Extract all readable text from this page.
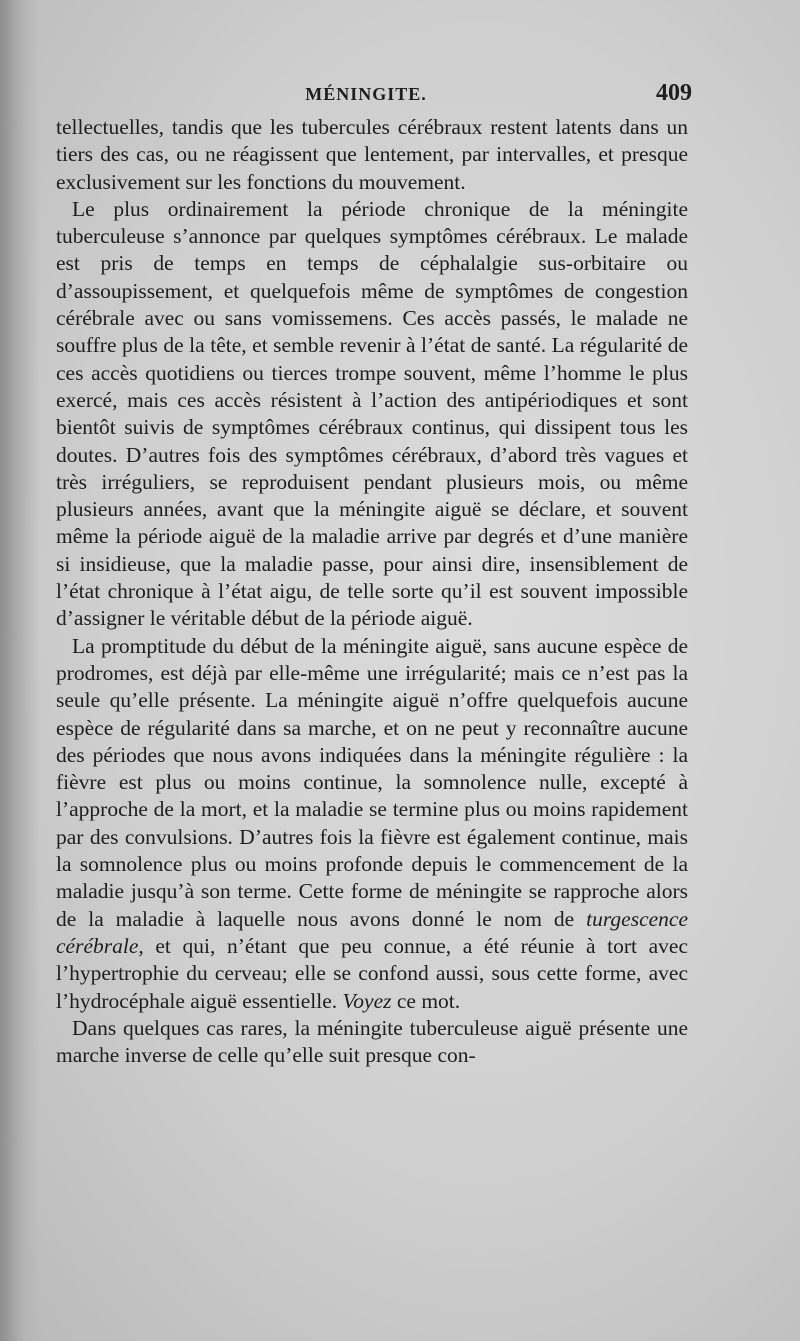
MÉNINGITE.	409

tellectuelles, tandis que les tubercules cérébraux restent latents dans un tiers des cas, ou ne réagissent que lentement, par intervalles, et presque exclusivement sur les fonctions du mouvement.

Le plus ordinairement la période chronique de la méningite tuberculeuse s’annonce par quelques symptômes cérébraux. Le malade est pris de temps en temps de céphalalgie sus-orbitaire ou d’assoupissement, et quelquefois même de symptômes de congestion cérébrale avec ou sans vomissemens. Ces accès passés, le malade ne souffre plus de la tête, et semble revenir à l’état de santé. La régularité de ces accès quotidiens ou tierces trompe souvent, même l’homme le plus exercé, mais ces accès résistent à l’action des antipériodiques et sont bientôt suivis de symptômes cérébraux continus, qui dissipent tous les doutes. D’autres fois des symptômes cérébraux, d’abord très vagues et très irréguliers, se reproduisent pendant plusieurs mois, ou même plusieurs années, avant que la méningite aiguë se déclare, et souvent même la période aiguë de la maladie arrive par degrés et d’une manière si insidieuse, que la maladie passe, pour ainsi dire, insensiblement de l’état chronique à l’état aigu, de telle sorte qu’il est souvent impossible d’assigner le véritable début de la période aiguë.

La promptitude du début de la méningite aiguë, sans aucune espèce de prodromes, est déjà par elle-même une irrégularité; mais ce n’est pas la seule qu’elle présente. La méningite aiguë n’offre quelquefois aucune espèce de régularité dans sa marche, et on ne peut y reconnaître aucune des périodes que nous avons indiquées dans la méningite régulière : la fièvre est plus ou moins continue, la somnolence nulle, excepté à l’approche de la mort, et la maladie se termine plus ou moins rapidement par des convulsions. D’autres fois la fièvre est également continue, mais la somnolence plus ou moins profonde depuis le commencement de la maladie jusqu’à son terme. Cette forme de méningite se rapproche alors de la maladie à laquelle nous avons donné le nom de turgescence cérébrale, et qui, n’étant que peu connue, a été réunie à tort avec l’hypertrophie du cerveau; elle se confond aussi, sous cette forme, avec l’hydrocéphale aiguë essentielle. Voyez ce mot.

Dans quelques cas rares, la méningite tuberculeuse aiguë présente une marche inverse de celle qu’elle suit presque con-
